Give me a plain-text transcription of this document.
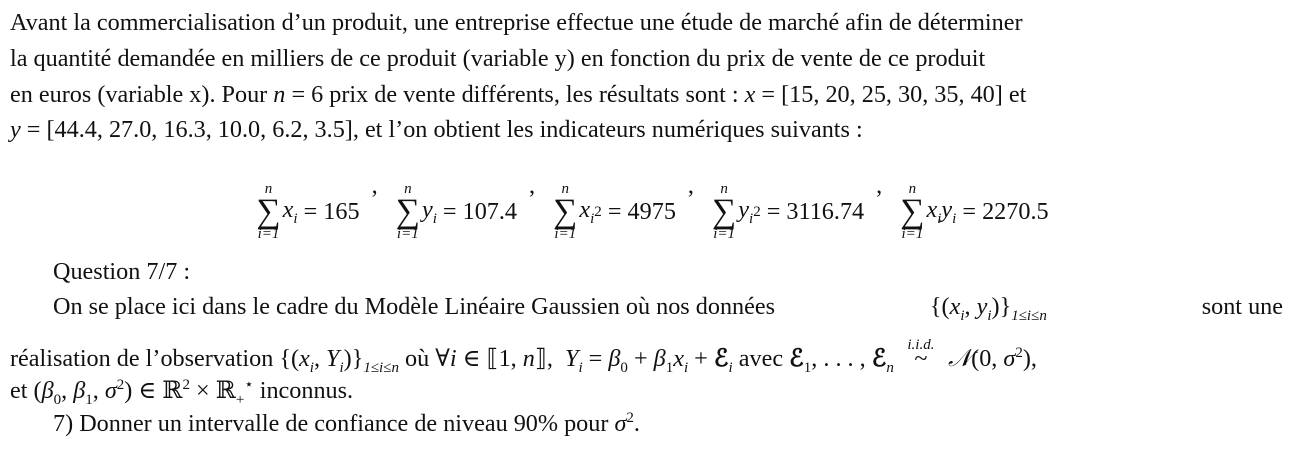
Avant la commercialisation d’un produit, une entreprise effectue une étude de marché afin de déterminer
la quantité demandée en milliers de ce produit (variable y) en fonction du prix de vente de ce produit
en euros (variable x). Pour n = 6 prix de vente différents, les résultats sont : x = [15, 20, 25, 30, 35, 40] et
y = [44.4, 27.0, 16.3, 10.0, 6.2, 3.5], et l’on obtient les indicateurs numériques suivants :
n
∑
i=1
$x_i$
= 165
, n
∑
i=1
$y_i$
= 107.4
, n
∑
i=1
$x_i$ 2
= 4975
, n
∑
i=1
$y_i$ 2
= 3116.74
, n
∑
i=1
$x_iy_i$
= 2270.5
Question 7/7 :
On se place ici dans le cadre du Modèle Linéaire Gaussien où nos données	{($x_i$, $y_i)\}_{1\le i\le n}$	sont une
réalisation de l’observation {($x_i$, $Y_i)\}_{1\le i\le n}$ où ∀i ∈ ⟦1, n⟧,  $Y_i = \beta_0 + \beta_1x_i$ + ℰ$_i$ avec ℰ$_1$, . . . , ℰ$_n$
i.i.d.
~ 𝒩(0, $\sigma^2$),
et ($\beta_0$, $\beta_1$, $\sigma^2$) ∈ ℝ$^2$ × ℝ$_+$⋆ inconnus.
7) Donner un intervalle de confiance de niveau 90% pour $\sigma^2$.
